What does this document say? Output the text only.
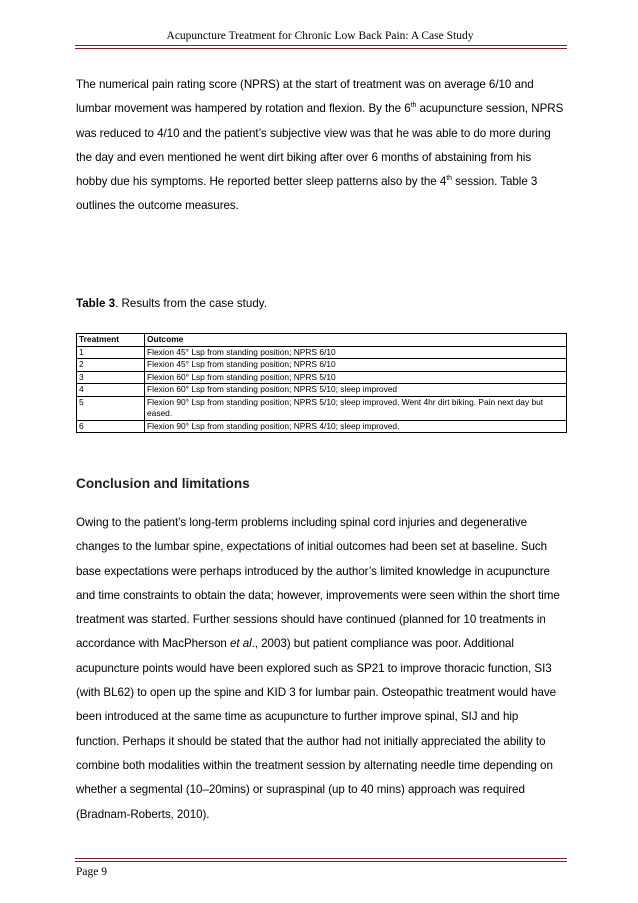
Acupuncture Treatment for Chronic Low Back Pain: A Case Study

The numerical pain rating score (NPRS) at the start of treatment was on average 6/10 and lumbar movement was hampered by rotation and flexion. By the 6th acupuncture session, NPRS was reduced to 4/10 and the patient’s subjective view was that he was able to do more during the day and even mentioned he went dirt biking after over 6 months of abstaining from his hobby due his symptoms. He reported better sleep patterns also by the 4th session. Table 3 outlines the outcome measures.

Table 3. Results from the case study.

Treatment	Outcome
1	Flexion 45° Lsp from standing position; NPRS 6/10
2	Flexion 45° Lsp from standing position; NPRS 6/10
3	Flexion 60° Lsp from standing position; NPRS 5/10
4	Flexion 60° Lsp from standing position; NPRS 5/10; sleep improved
5	Flexion 90° Lsp from standing position; NPRS 5/10; sleep improved. Went 4hr dirt biking. Pain next day but eased.
6	Flexion 90° Lsp from standing position; NPRS 4/10; sleep improved.
Conclusion and limitations

Owing to the patient’s long-term problems including spinal cord injuries and degenerative changes to the lumbar spine, expectations of initial outcomes had been set at baseline. Such base expectations were perhaps introduced by the author’s limited knowledge in acupuncture and time constraints to obtain the data; however, improvements were seen within the short time treatment was started. Further sessions should have continued (planned for 10 treatments in accordance with MacPherson et al., 2003) but patient compliance was poor. Additional acupuncture points would have been explored such as SP21 to improve thoracic function, SI3 (with BL62) to open up the spine and KID 3 for lumbar pain. Osteopathic treatment would have been introduced at the same time as acupuncture to further improve spinal, SIJ and hip function. Perhaps it should be stated that the author had not initially appreciated the ability to combine both modalities within the treatment session by alternating needle time depending on whether a segmental (10–20mins) or supraspinal (up to 40 mins) approach was required (Bradnam-Roberts, 2010).

Page 9
